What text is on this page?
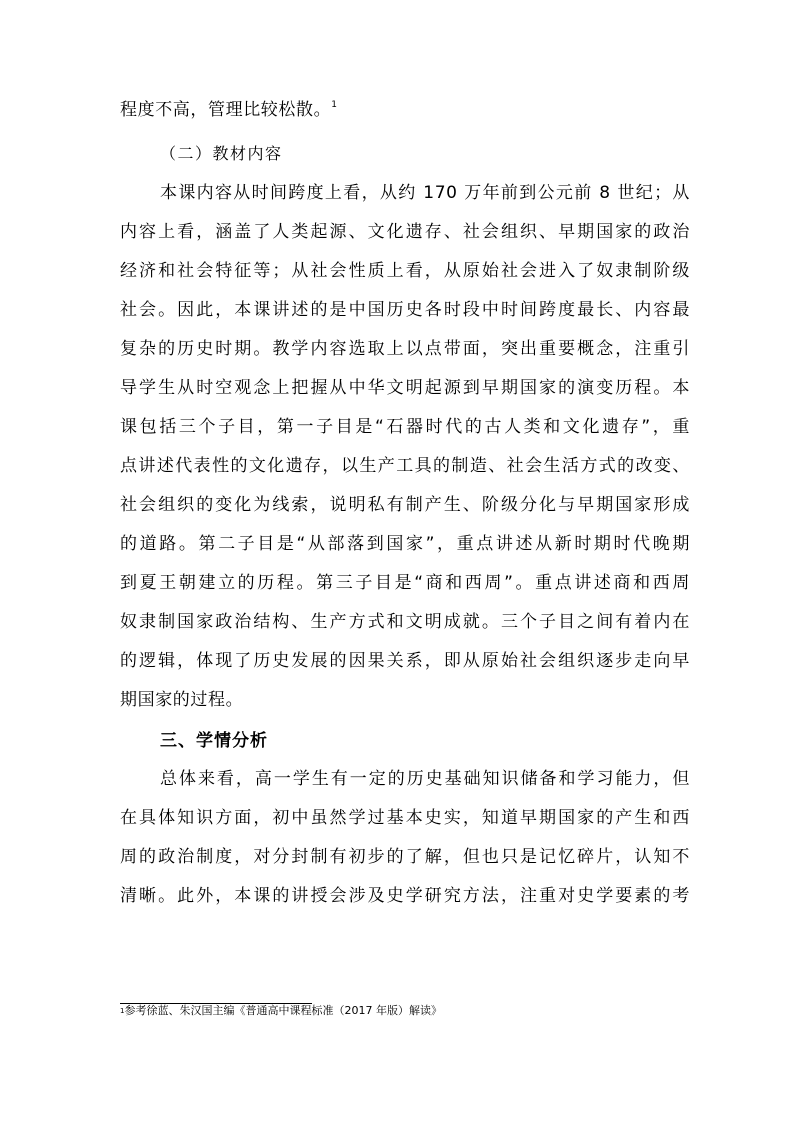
程度不高，管理比较松散。$^1$
（二）教材内容
本课内容从时间跨度上看，从约 170 万年前到公元前 8 世纪；从
内容上看，涵盖了人类起源、文化遗存、社会组织、早期国家的政治
经济和社会特征等；从社会性质上看，从原始社会进入了奴隶制阶级
社会。因此，本课讲述的是中国历史各时段中时间跨度最长、内容最
复杂的历史时期。教学内容选取上以点带面，突出重要概念，注重引
导学生从时空观念上把握从中华文明起源到早期国家的演变历程。本
课包括三个子目，第一子目是“石器时代的古人类和文化遗存”，重
点讲述代表性的文化遗存，以生产工具的制造、社会生活方式的改变、
社会组织的变化为线索，说明私有制产生、阶级分化与早期国家形成
的道路。第二子目是“从部落到国家”，重点讲述从新时期时代晚期
到夏王朝建立的历程。第三子目是“商和西周”。重点讲述商和西周
奴隶制国家政治结构、生产方式和文明成就。三个子目之间有着内在
的逻辑，体现了历史发展的因果关系，即从原始社会组织逐步走向早
期国家的过程。
三、学情分析
总体来看，高一学生有一定的历史基础知识储备和学习能力，但
在具体知识方面，初中虽然学过基本史实，知道早期国家的产生和西
周的政治制度，对分封制有初步的了解，但也只是记忆碎片，认知不
清晰。此外，本课的讲授会涉及史学研究方法，注重对史学要素的考
$^1$参考徐蓝、朱汉国主编《普通高中课程标准（2017 年版）解读》
